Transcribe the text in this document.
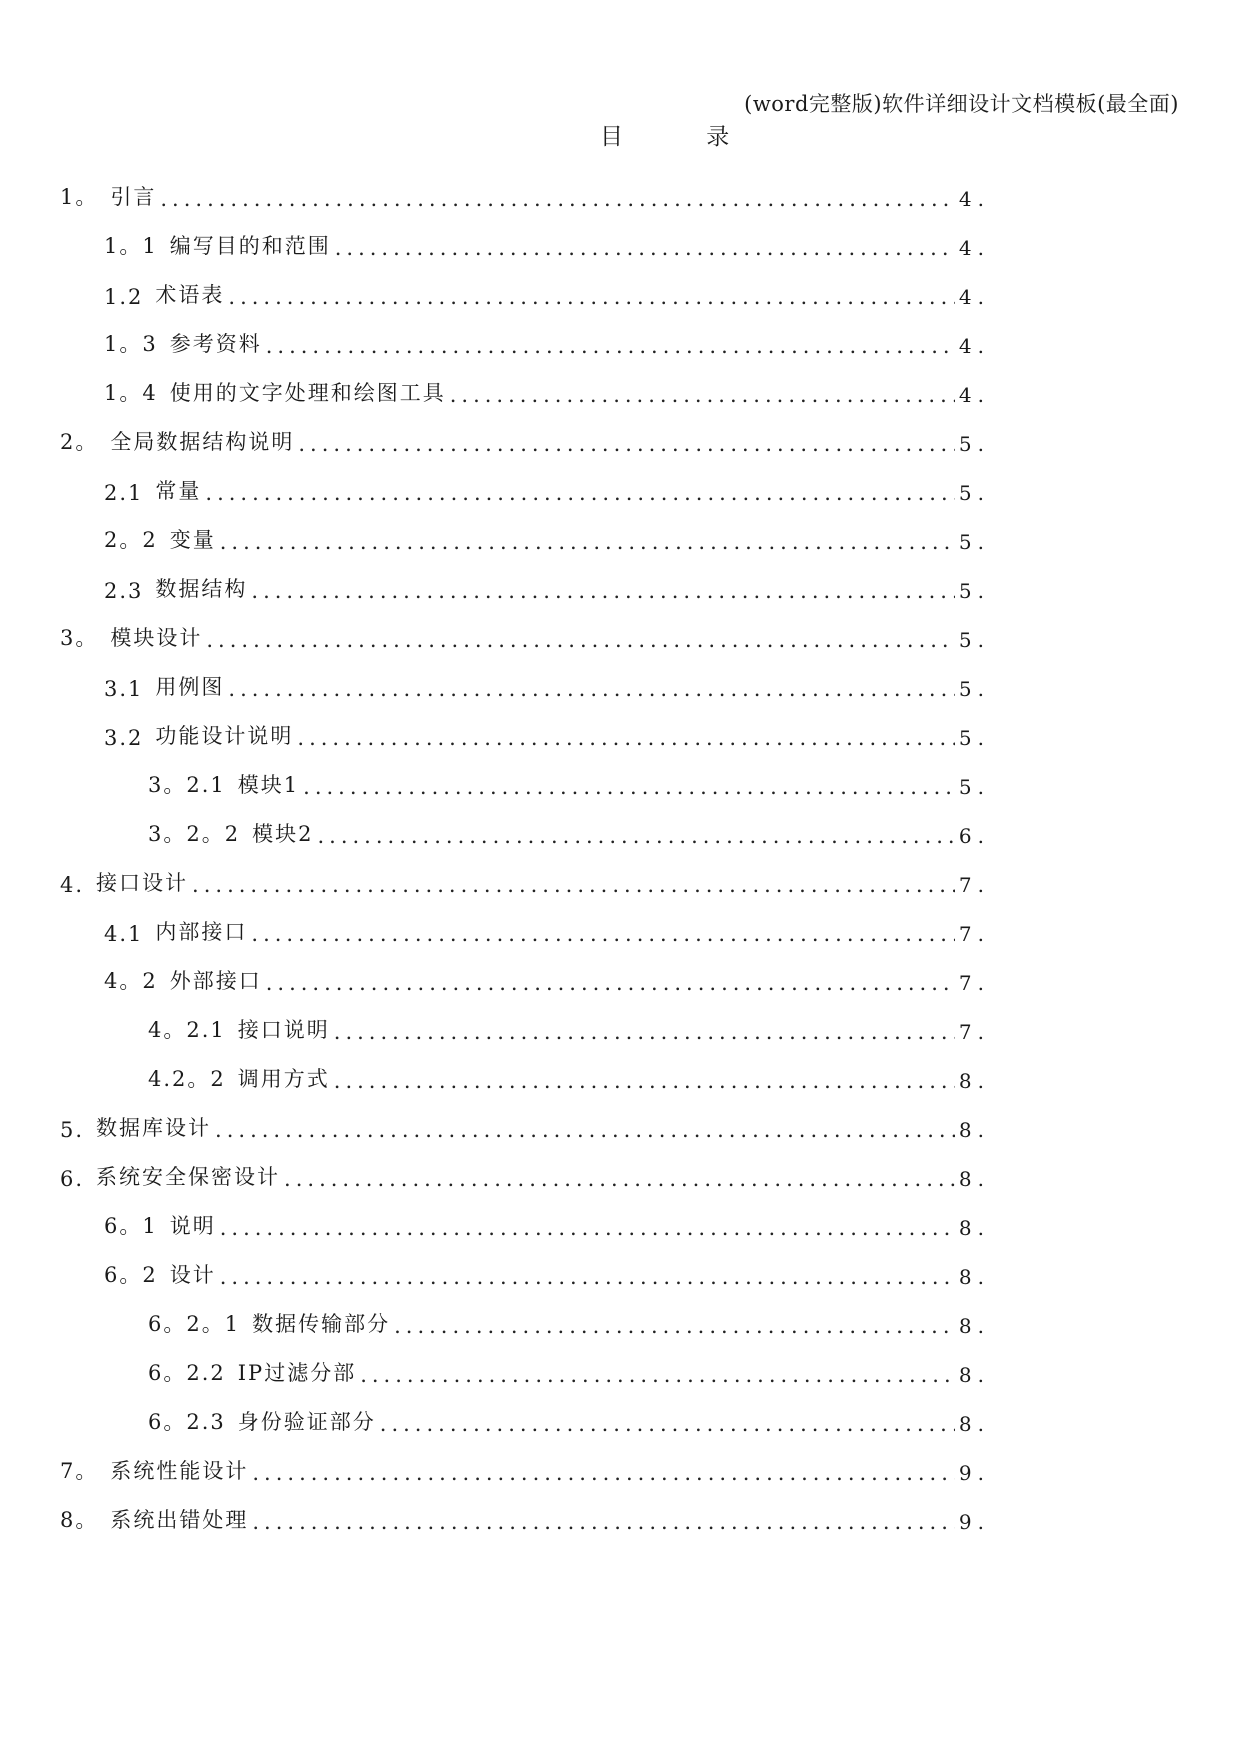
(word完整版)软件详细设计文档模板(最全面)
目 录
1。 引言 .....	4.
1。1 编写目的和范围 .....	4.
1.2 术语表 .....	4.
1。3 参考资料 .....	4.
1。4 使用的文字处理和绘图工具 .....	4.
2。 全局数据结构说明 .....	5.
2.1 常量 .....	5.
2。2 变量 .....	5.
2.3 数据结构 .....	5.
3。 模块设计 .....	5.
3.1 用例图 .....	5.
3.2 功能设计说明 .....	5.
3。2.1 模块1 .....	5.
3。2。2 模块2 .....	6.
4. 接口设计 .....	7.
4.1 内部接口 .....	7.
4。2 外部接口 .....	7.
4。2.1 接口说明 .....	7.
4.2。2 调用方式 .....	8.
5. 数据库设计 .....	8.
6. 系统安全保密设计 .....	8.
6。1 说明 .....	8.
6。2 设计 .....	8.
6。2。1 数据传输部分 .....	8.
6。2.2 IP过滤分部 .....	8.
6。2.3 身份验证部分 .....	8.
7。 系统性能设计 .....	9.
8。 系统出错处理 .....	9.
